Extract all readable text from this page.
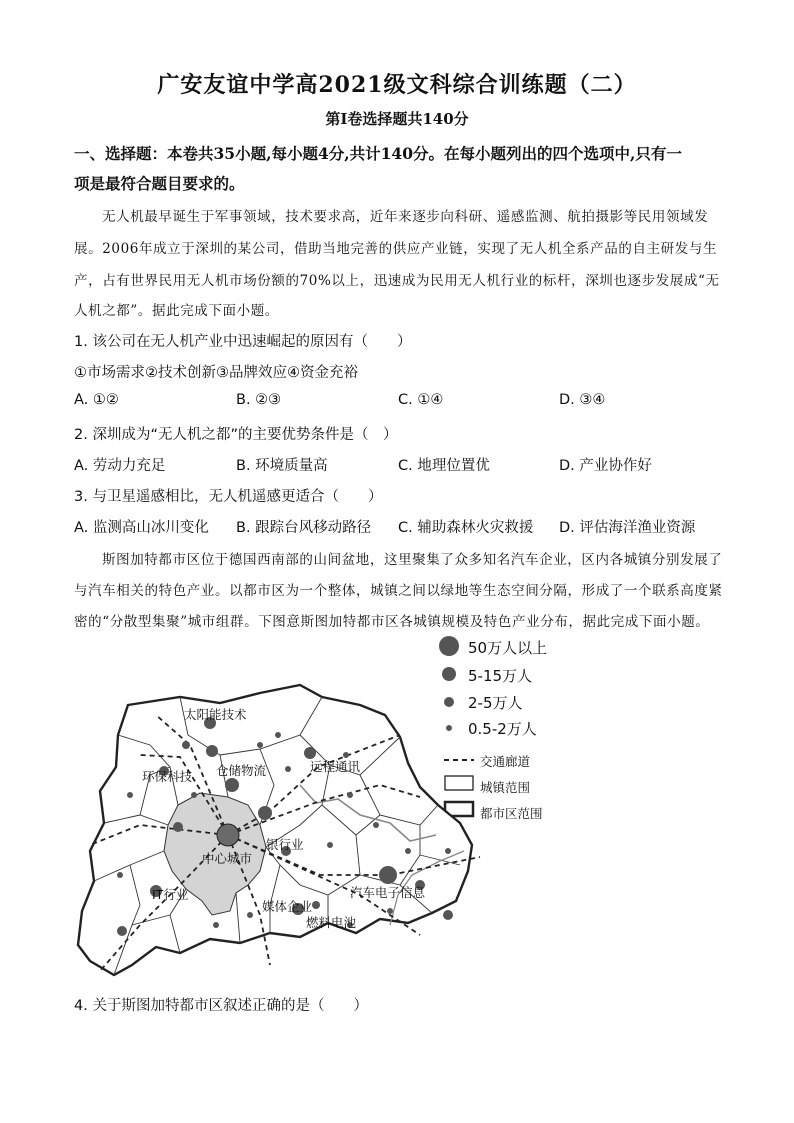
广安友谊中学高2021级文科综合训练题（二）
第Ⅰ卷选择题共140分
一、选择题：本卷共35小题,每小题4分,共计140分。在每小题列出的四个选项中,只有一
项是最符合题目要求的。
无人机最早诞生于军事领域，技术要求高，近年来逐步向科研、遥感监测、航拍摄影等民用领域发
展。2006年成立于深圳的某公司，借助当地完善的供应产业链，实现了无人机全系产品的自主研发与生
产，占有世界民用无人机市场份额的70%以上，迅速成为民用无人机行业的标杆，深圳也逐步发展成“无
人机之都”。据此完成下面小题。
1. 该公司在无人机产业中迅速崛起的原因有（　　）
①市场需求②技术创新③品牌效应④资金充裕
A. ①②	B. ②③	C. ①④	D. ③④
2. 深圳成为“无人机之都”的主要优势条件是（　）
A. 劳动力充足	B. 环境质量高	C. 地理位置优	D. 产业协作好
3. 与卫星遥感相比，无人机遥感更适合（　　）
A. 监测高山冰川变化 B. 跟踪台风移动路径 C. 辅助森林火灾救援 D. 评估海洋渔业资源
斯图加特都市区位于德国西南部的山间盆地，这里聚集了众多知名汽车企业，区内各城镇分别发展了
与汽车相关的特色产业。以都市区为一个整体，城镇之间以绿地等生态空间分隔，形成了一个联系高度紧
密的“分散型集聚”城市组群。下图意斯图加特都市区各城镇规模及特色产业分布，据此完成下面小题。
50万人以上
5-15万人
2-5万人
0.5-2万人
交通廊道
城镇范围
都市区范围
太阳能技术
环保科技 仓储物流	远程通讯
中心城市
银行业
IT行业	汽车电子信息
媒体企业
燃料电池
4. 关于斯图加特都市区叙述正确的是（　　）
